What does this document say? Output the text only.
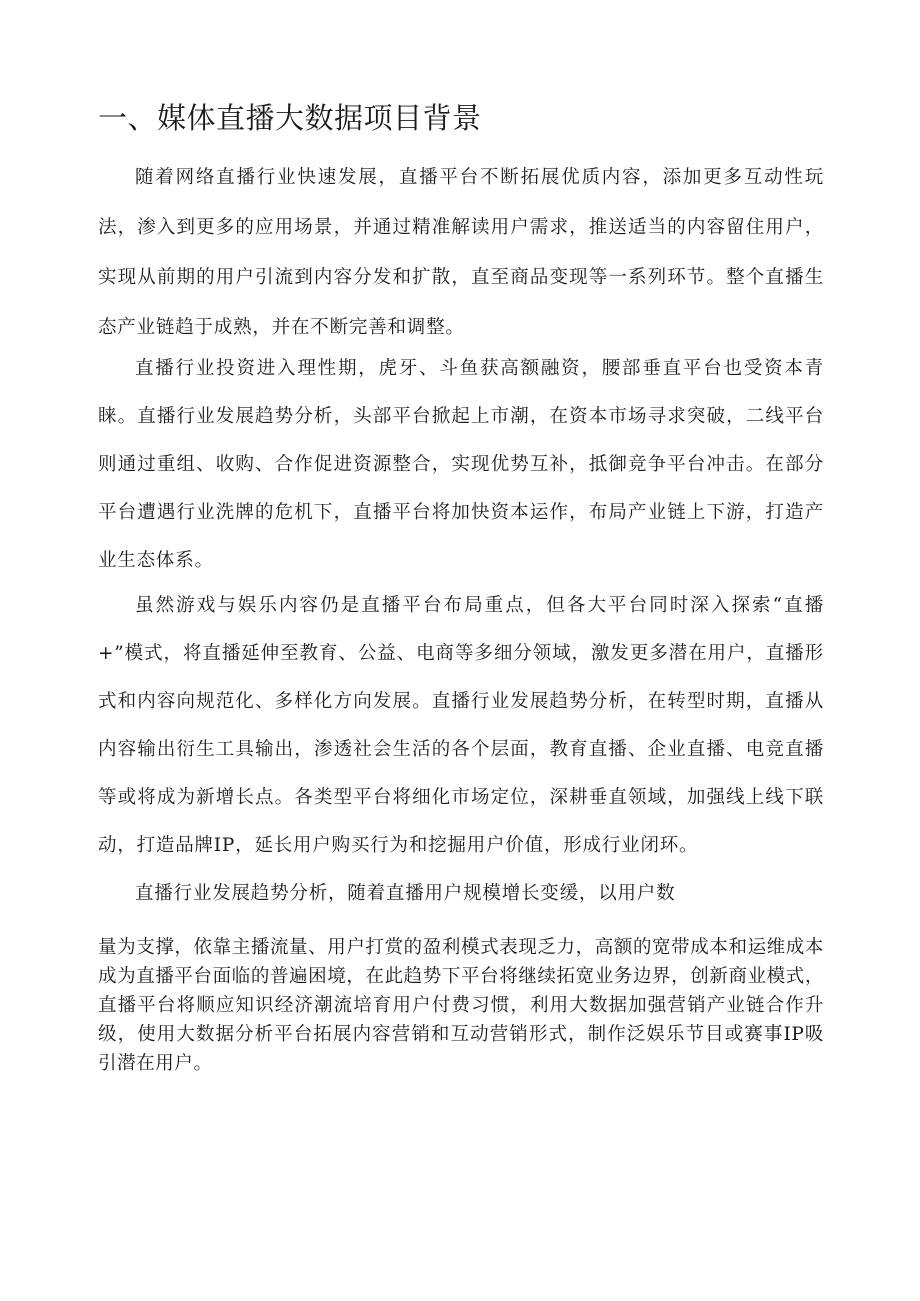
一、媒体直播大数据项目背景

随着网络直播行业快速发展，直播平台不断拓展优质内容，添加更多互动性玩法，渗入到更多的应用场景，并通过精准解读用户需求，推送适当的内容留住用户，实现从前期的用户引流到内容分发和扩散，直至商品变现等一系列环节。整个直播生态产业链趋于成熟，并在不断完善和调整。

直播行业投资进入理性期，虎牙、斗鱼获高额融资，腰部垂直平台也受资本青睐。直播行业发展趋势分析，头部平台掀起上市潮，在资本市场寻求突破，二线平台则通过重组、收购、合作促进资源整合，实现优势互补，抵御竞争平台冲击。在部分平台遭遇行业洗牌的危机下，直播平台将加快资本运作，布局产业链上下游，打造产业生态体系。

虽然游戏与娱乐内容仍是直播平台布局重点，但各大平台同时深入探索“直播+”模式，将直播延伸至教育、公益、电商等多细分领域，激发更多潜在用户，直播形式和内容向规范化、多样化方向发展。直播行业发展趋势分析，在转型时期，直播从内容输出衍生工具输出，渗透社会生活的各个层面，教育直播、企业直播、电竞直播等或将成为新增长点。各类型平台将细化市场定位，深耕垂直领域，加强线上线下联动，打造品牌IP，延长用户购买行为和挖掘用户价值，形成行业闭环。

直播行业发展趋势分析，随着直播用户规模增长变缓，以用户数

量为支撑，依靠主播流量、用户打赏的盈利模式表现乏力，高额的宽带成本和运维成本成为直播平台面临的普遍困境，在此趋势下平台将继续拓宽业务边界，创新商业模式，直播平台将顺应知识经济潮流培育用户付费习惯，利用大数据加强营销产业链合作升级，使用大数据分析平台拓展内容营销和互动营销形式，制作泛娱乐节目或赛事IP吸引潜在用户。
